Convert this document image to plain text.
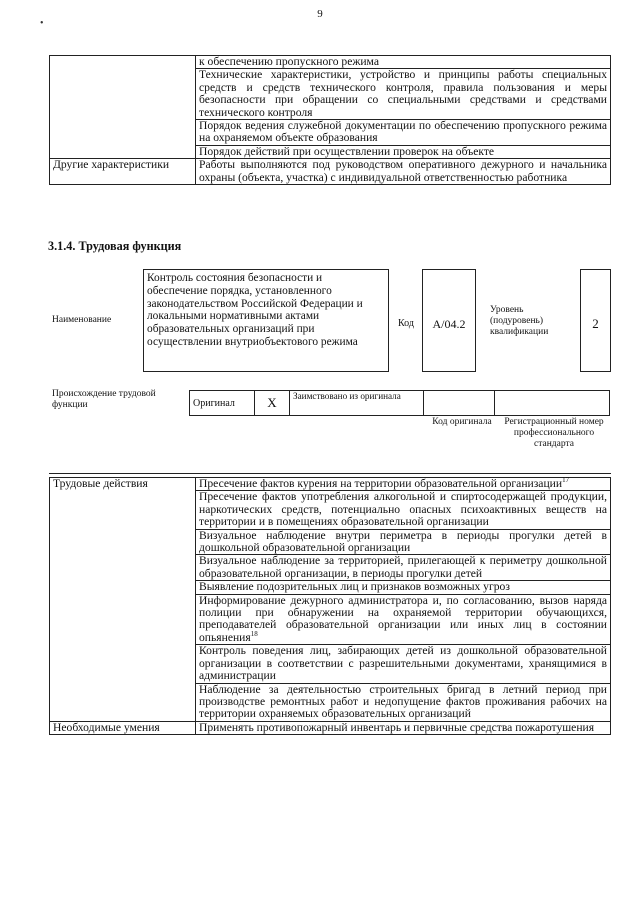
•
9
	к обеспечению пропускного режима
	Технические характеристики, устройство и принципы работы специальных средств и средств технического контроля, правила пользования и меры безопасности при обращении со специальными средствами и средствами технического контроля
	Порядок ведения служебной документации по обеспечению пропускного режима на охраняемом объекте образования
	Порядок действий при осуществлении проверок на объекте
Другие характеристики	Работы выполняются под руководством оперативного дежурного и начальника охраны (объекта, участка) с индивидуальной ответственностью работника
3.1.4. Трудовая функция
Наименование
Контроль состояния безопасности и обеспечение порядка, установленного законодательством Российской Федерации и локальными нормативными актами образовательных организаций при осуществлении внутриобъектового режима
Код	А/04.2
Уровень (подуровень) квалификации
2
Происхождение трудовой функции	Оригинал	X	Заимствовано из оригинала		
Код оригинала	Регистрационный номер профессионального стандарта
Трудовые действия	Пресечение фактов курения на территории образовательной организации$^{17}$
	Пресечение фактов употребления алкогольной и спиртосодержащей продукции, наркотических средств, потенциально опасных психоактивных веществ на территории и в помещениях образовательной организации
	Визуальное наблюдение внутри периметра в периоды прогулки детей в дошкольной образовательной организации
	Визуальное наблюдение за территорией, прилегающей к периметру дошкольной образовательной организации, в периоды прогулки детей
	Выявление подозрительных лиц и признаков возможных угроз
	Информирование дежурного администратора и, по согласованию, вызов наряда полиции при обнаружении на охраняемой территории обучающихся, преподавателей образовательной организации или иных лиц в состоянии опьянения$^{18}$
	Контроль поведения лиц, забирающих детей из дошкольной образовательной организации в соответствии с разрешительными документами, хранящимися в администрации
	Наблюдение за деятельностью строительных бригад в летний период при производстве ремонтных работ и недопущение фактов проживания рабочих на территории охраняемых образовательных организаций
Необходимые умения	Применять противопожарный инвентарь и первичные средства пожаротушения
